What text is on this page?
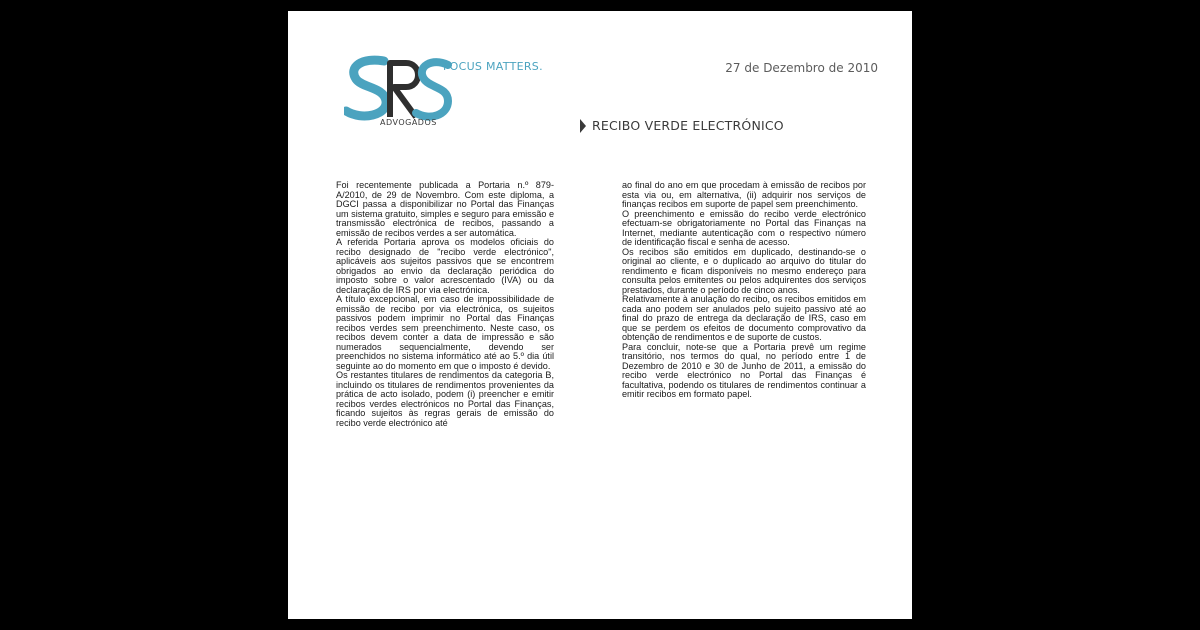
FOCUS MATTERS.
ADVOGADOS
27 de Dezembro de 2010
RECIBO VERDE ELECTRÓNICO

Foi recentemente publicada a Portaria n.º 879-A/2010, de 29 de Novembro. Com este diploma, a DGCI passa a disponibilizar no Portal das Finanças um sistema gratuito, simples e seguro para emissão e transmissão electrónica de recibos, passando a emissão de recibos verdes a ser automática.

A referida Portaria aprova os modelos oficiais do recibo designado de "recibo verde electrónico", aplicáveis aos sujeitos passivos que se encontrem obrigados ao envio da declaração periódica do imposto sobre o valor acrescentado (IVA) ou da declaração de IRS por via electrónica.

A título excepcional, em caso de impossibilidade de emissão de recibo por via electrónica, os sujeitos passivos podem imprimir no Portal das Finanças recibos verdes sem preenchimento. Neste caso, os recibos devem conter a data de impressão e são numerados sequencialmente, devendo ser preenchidos no sistema informático até ao 5.º dia útil seguinte ao do momento em que o imposto é devido.

Os restantes titulares de rendimentos da categoria B, incluindo os titulares de rendimentos provenientes da prática de acto isolado, podem (i) preencher e emitir recibos verdes electrónicos no Portal das Finanças, ficando sujeitos às regras gerais de emissão do recibo verde electrónico até

ao final do ano em que procedam à emissão de recibos por esta via ou, em alternativa, (ii) adquirir nos serviços de finanças recibos em suporte de papel sem preenchimento.

O preenchimento e emissão do recibo verde electrónico efectuam-se obrigatoriamente no Portal das Finanças na Internet, mediante autenticação com o respectivo número de identificação fiscal e senha de acesso.

Os recibos são emitidos em duplicado, destinando-se o original ao cliente, e o duplicado ao arquivo do titular do rendimento e ficam disponíveis no mesmo endereço para consulta pelos emitentes ou pelos adquirentes dos serviços prestados, durante o período de cinco anos.

Relativamente à anulação do recibo, os recibos emitidos em cada ano podem ser anulados pelo sujeito passivo até ao final do prazo de entrega da declaração de IRS, caso em que se perdem os efeitos de documento comprovativo da obtenção de rendimentos e de suporte de custos.

Para concluir, note-se que a Portaria prevê um regime transitório, nos termos do qual, no período entre 1 de Dezembro de 2010 e 30 de Junho de 2011, a emissão do recibo verde electrónico no Portal das Finanças é facultativa, podendo os titulares de rendimentos continuar a emitir recibos em formato papel.
